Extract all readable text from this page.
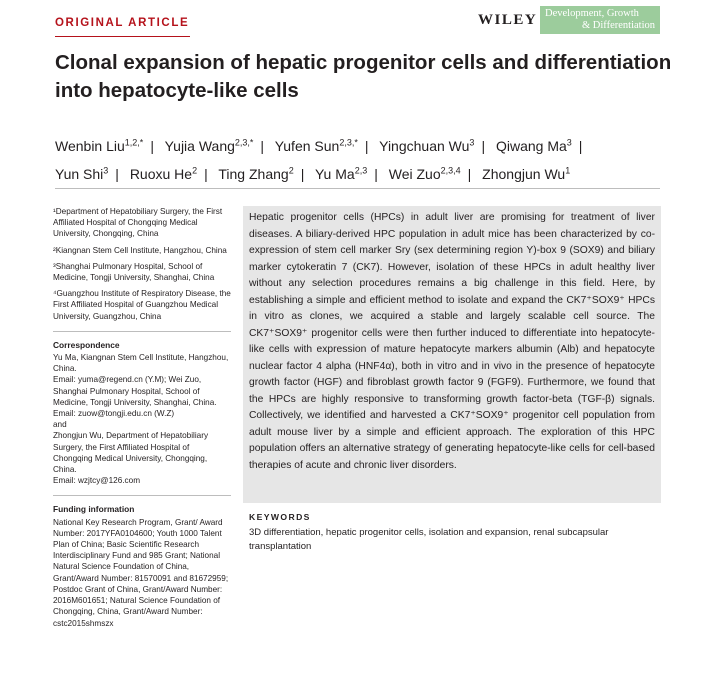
ORIGINAL ARTICLE	WILEY Development, Growth
& Differentiation
Clonal expansion of hepatic progenitor cells and differentiation into hepatocyte-like cells
Wenbin Liu$^{1,2,*}$ | Yujia Wang$^{2,3,*}$ | Yufen Sun$^{2,3,*}$ | Yingchuan Wu$^3$ | Qiwang Ma$^3$ |
Yun Shi$^3$ | Ruoxu He$^2$ | Ting Zhang$^2$ | Yu Ma$^{2,3}$ | Wei Zuo$^{2,3,4}$ | Zhongjun Wu$^1$

¹Department of Hepatobiliary Surgery, the First Affiliated Hospital of Chongqing Medical University, Chongqing, China

²Kiangnan Stem Cell Institute, Hangzhou, China

³Shanghai Pulmonary Hospital, School of Medicine, Tongji University, Shanghai, China

⁴Guangzhou Institute of Respiratory Disease, the First Affiliated Hospital of Guangzhou Medical University, Guangzhou, China

Correspondence
Yu Ma, Kiangnan Stem Cell Institute, Hangzhou, China.
Email: yuma@regend.cn (Y.M); Wei Zuo, Shanghai Pulmonary Hospital, School of Medicine, Tongji University, Shanghai, China.
Email: zuow@tongji.edu.cn (W.Z)
and
Zhongjun Wu, Department of Hepatobiliary Surgery, the First Affiliated Hospital of Chongqing Medical University, Chongqing, China.
Email: wzjtcy@126.com
Funding information
National Key Research Program, Grant/ Award Number: 2017YFA0104600; Youth 1000 Talent Plan of China; Basic Scientific Research Interdisciplinary Fund and 985 Grant; National Natural Science Foundation of China, Grant/Award Number: 81570091 and 81672959; Postdoc Grant of China, Grant/Award Number: 2016M601651; Natural Science Foundation of Chongqing, China, Grant/Award Number: cstc2015shmszx
Hepatic progenitor cells (HPCs) in adult liver are promising for treatment of liver diseases. A biliary-derived HPC population in adult mice has been characterized by co-expression of stem cell marker Sry (sex determining region Y)-box 9 (SOX9) and biliary marker cytokeratin 7 (CK7). However, isolation of these HPCs in adult healthy liver without any selection procedures remains a big challenge in this field. Here, by establishing a simple and efficient method to isolate and expand the CK7⁺SOX9⁺ HPCs in vitro as clones, we acquired a stable and largely scalable cell source. The CK7⁺SOX9⁺ progenitor cells were then further induced to differentiate into hepatocyte-like cells with expression of mature hepatocyte markers albumin (Alb) and hepatocyte nuclear factor 4 alpha (HNF4α), both in vitro and in vivo in the presence of hepatocyte growth factor (HGF) and fibroblast growth factor 9 (FGF9). Furthermore, we found that the HPCs are highly responsive to transforming growth factor-beta (TGF-β) signals. Collectively, we identified and harvested a CK7⁺SOX9⁺ progenitor cell population from adult mouse liver by a simple and efficient approach. The exploration of this HPC population offers an alternative strategy of generating hepatocyte-like cells for cell-based therapies of acute and chronic liver disorders.
KEYWORDS
3D differentiation, hepatic progenitor cells, isolation and expansion, renal subcapsular transplantation
